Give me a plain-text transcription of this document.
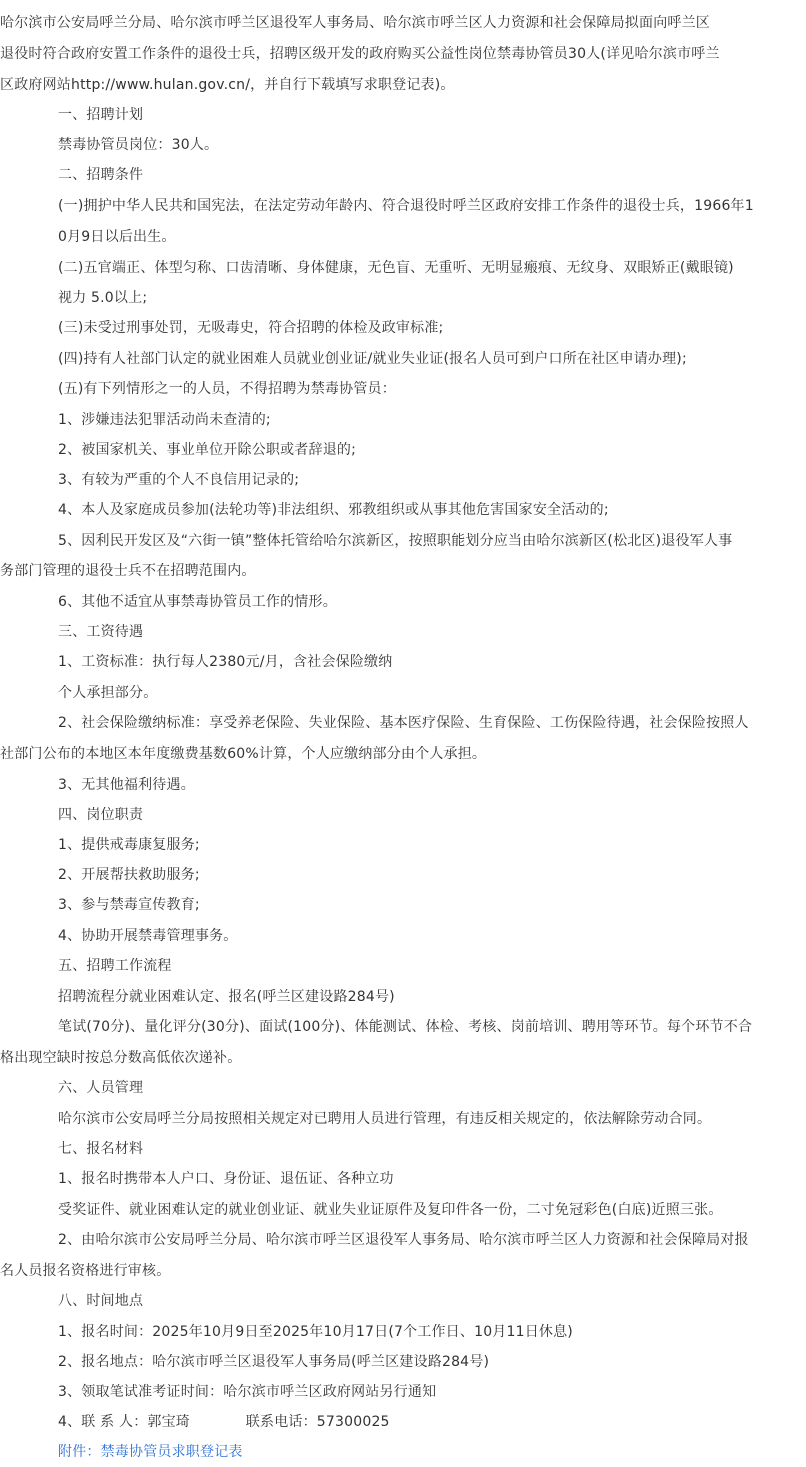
哈尔滨市公安局呼兰分局、哈尔滨市呼兰区退役军人事务局、哈尔滨市呼兰区人力资源和社会保障局拟面向呼兰区
退役时符合政府安置工作条件的退役士兵，招聘区级开发的政府购买公益性岗位禁毒协管员30人(详见哈尔滨市呼兰
区政府网站http://www.hulan.gov.cn/，并自行下载填写求职登记表)。
一、招聘计划
禁毒协管员岗位：30人。
二、招聘条件
(一)拥护中华人民共和国宪法，在法定劳动年龄内、符合退役时呼兰区政府安排工作条件的退役士兵，1966年1
0月9日以后出生。
(二)五官端正、体型匀称、口齿清晰、身体健康，无色盲、无重听、无明显瘢痕、无纹身、双眼矫正(戴眼镜)
视力 5.0以上;
(三)未受过刑事处罚，无吸毒史，符合招聘的体检及政审标准;
(四)持有人社部门认定的就业困难人员就业创业证/就业失业证(报名人员可到户口所在社区申请办理);
(五)有下列情形之一的人员，不得招聘为禁毒协管员：
1、涉嫌违法犯罪活动尚未查清的;
2、被国家机关、事业单位开除公职或者辞退的;
3、有较为严重的个人不良信用记录的;
4、本人及家庭成员参加(法轮功等)非法组织、邪教组织或从事其他危害国家安全活动的;
5、因利民开发区及“六街一镇”整体托管给哈尔滨新区，按照职能划分应当由哈尔滨新区(松北区)退役军人事
务部门管理的退役士兵不在招聘范围内。
6、其他不适宜从事禁毒协管员工作的情形。
三、工资待遇
1、工资标准：执行每人2380元/月，含社会保险缴纳
个人承担部分。
2、社会保险缴纳标准：享受养老保险、失业保险、基本医疗保险、生育保险、工伤保险待遇，社会保险按照人
社部门公布的本地区本年度缴费基数60%计算，个人应缴纳部分由个人承担。
3、无其他福利待遇。
四、岗位职责
1、提供戒毒康复服务;
2、开展帮扶救助服务;
3、参与禁毒宣传教育;
4、协助开展禁毒管理事务。
五、招聘工作流程
招聘流程分就业困难认定、报名(呼兰区建设路284号)
笔试(70分)、量化评分(30分)、面试(100分)、体能测试、体检、考核、岗前培训、聘用等环节。每个环节不合
格出现空缺时按总分数高低依次递补。
六、人员管理
哈尔滨市公安局呼兰分局按照相关规定对已聘用人员进行管理，有违反相关规定的，依法解除劳动合同。
七、报名材料
1、报名时携带本人户口、身份证、退伍证、各种立功
受奖证件、就业困难认定的就业创业证、就业失业证原件及复印件各一份，二寸免冠彩色(白底)近照三张。
2、由哈尔滨市公安局呼兰分局、哈尔滨市呼兰区退役军人事务局、哈尔滨市呼兰区人力资源和社会保障局对报
名人员报名资格进行审核。
八、时间地点
1、报名时间：2025年10月9日至2025年10月17日(7个工作日、10月11日休息)
2、报名地点：哈尔滨市呼兰区退役军人事务局(呼兰区建设路284号)
3、领取笔试准考证时间：哈尔滨市呼兰区政府网站另行通知
4、联 系 人：郭宝琦            联系电话：57300025
附件：禁毒协管员求职登记表
